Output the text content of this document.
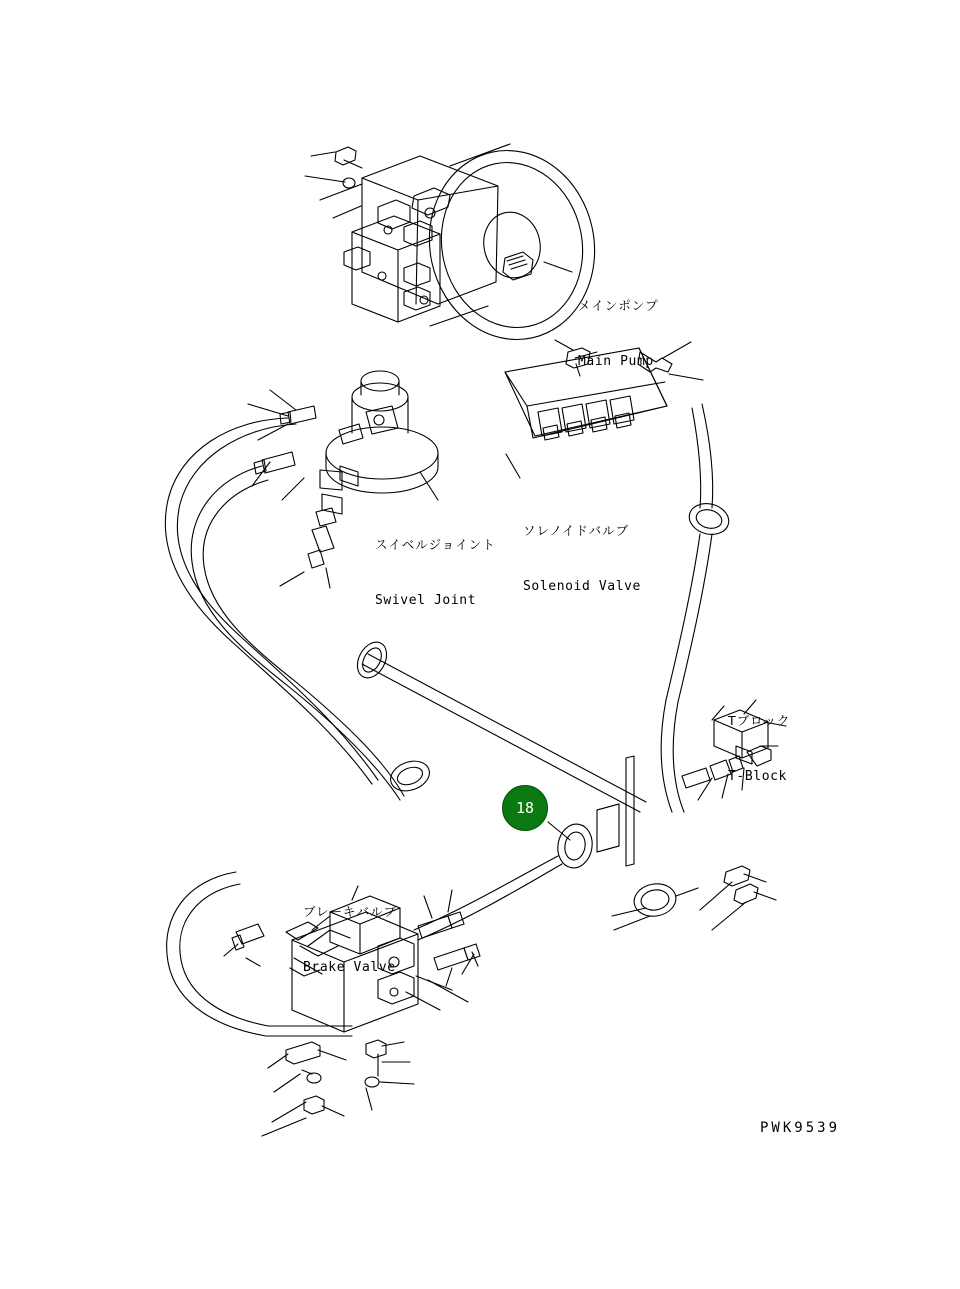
メインポンプ

Main Pump

ソレノイドバルブ

Solenoid Valve

スイベルジョイント

Swivel Joint

Tブロック

T-Block

ブレーキバルブ

Brake Valve

18
PWK9539
